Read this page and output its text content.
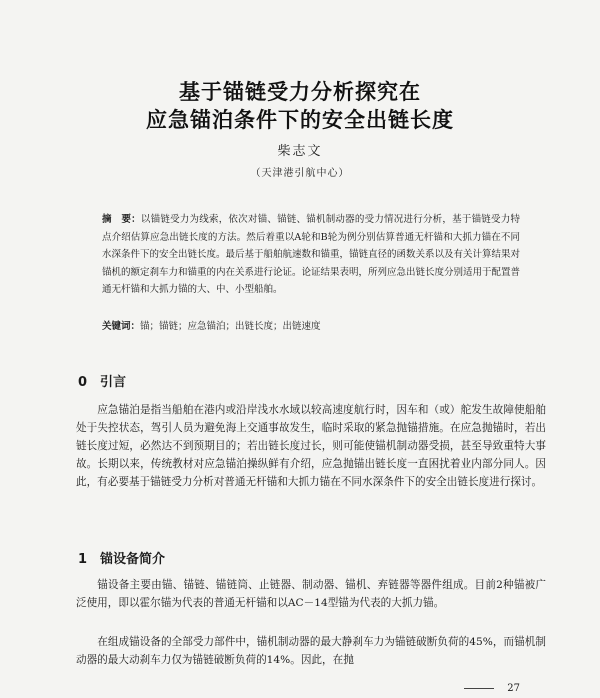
基于锚链受力分析探究在
应急锚泊条件下的安全出链长度

柴志文

（天津港引航中心）

摘　要：以锚链受力为线索，依次对锚、锚链、锚机制动器的受力情况进行分析，基于锚链受力特点介绍估算应急出链长度的方法。然后着重以A轮和B轮为例分别估算普通无杆锚和大抓力锚在不同水深条件下的安全出链长度。最后基于船舶航速数和锚重，锚链直径的函数关系以及有关计算结果对锚机的额定刹车力和锚重的内在关系进行论证。论证结果表明，所列应急出链长度分别适用于配置普通无杆锚和大抓力锚的大、中、小型船舶。

关键词：锚；锚链；应急锚泊；出链长度；出链速度

0　引言

应急锚泊是指当船舶在港内或沿岸浅水水域以较高速度航行时，因车和（或）舵发生故障使船舶处于失控状态，驾引人员为避免海上交通事故发生，临时采取的紧急抛锚措施。在应急抛锚时，若出链长度过短，必然达不到预期目的；若出链长度过长，则可能使锚机制动器受损，甚至导致重特大事故。长期以来，传统教材对应急锚泊操纵鲜有介绍，应急抛锚出链长度一直困扰着业内部分同人。因此，有必要基于锚链受力分析对普通无杆锚和大抓力锚在不同水深条件下的安全出链长度进行探讨。

1　锚设备简介

锚设备主要由锚、锚链、锚链筒、止链器、制动器、锚机、弃链器等器件组成。目前2种锚被广泛使用，即以霍尔锚为代表的普通无杆锚和以AC－14型锚为代表的大抓力锚。

在组成锚设备的全部受力部件中，锚机制动器的最大静刹车力为锚链破断负荷的45%，而锚机制动器的最大动刹车力仅为锚链破断负荷的14%。因此，在抛

27
